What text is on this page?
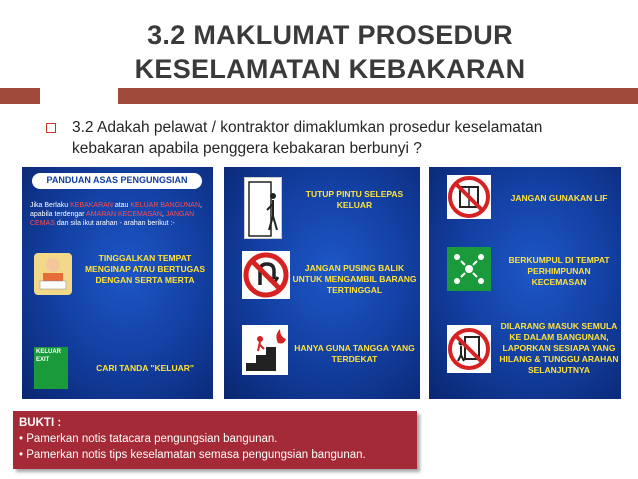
3.2 MAKLUMAT PROSEDUR
KESELAMATAN KEBAKARAN
3.2 Adakah pelawat / kontraktor dimaklumkan prosedur keselamatan kebakaran apabila penggera kebakaran berbunyi ?
PANDUAN ASAS PENGUNGSIAN
Jika Berlaku KEBAKARAN atau KELUAR BANGUNAN, apabila terdengar AMARAN KECEMASAN, JANGAN CEMAS dan sila ikut arahan - arahan berikut :-
TINGGALKAN TEMPAT MENGINAP ATAU BERTUGAS DENGAN SERTA MERTA
KELUAR
EXIT
CARI TANDA "KELUAR"
TUTUP PINTU SELEPAS KELUAR
JANGAN PUSING BALIK UNTUK MENGAMBIL BARANG TERTINGGAL
HANYA GUNA TANGGA YANG TERDEKAT
JANGAN GUNAKAN LIF
BERKUMPUL DI TEMPAT PERHIMPUNAN KECEMASAN
DILARANG MASUK SEMULA KE DALAM BANGUNAN, LAPORKAN SESIAPA YANG HILANG & TUNGGU ARAHAN SELANJUTNYA
BUKTI :
• Pamerkan notis tatacara pengungsian bangunan.
• Pamerkan notis tips keselamatan semasa pengungsian bangunan.
